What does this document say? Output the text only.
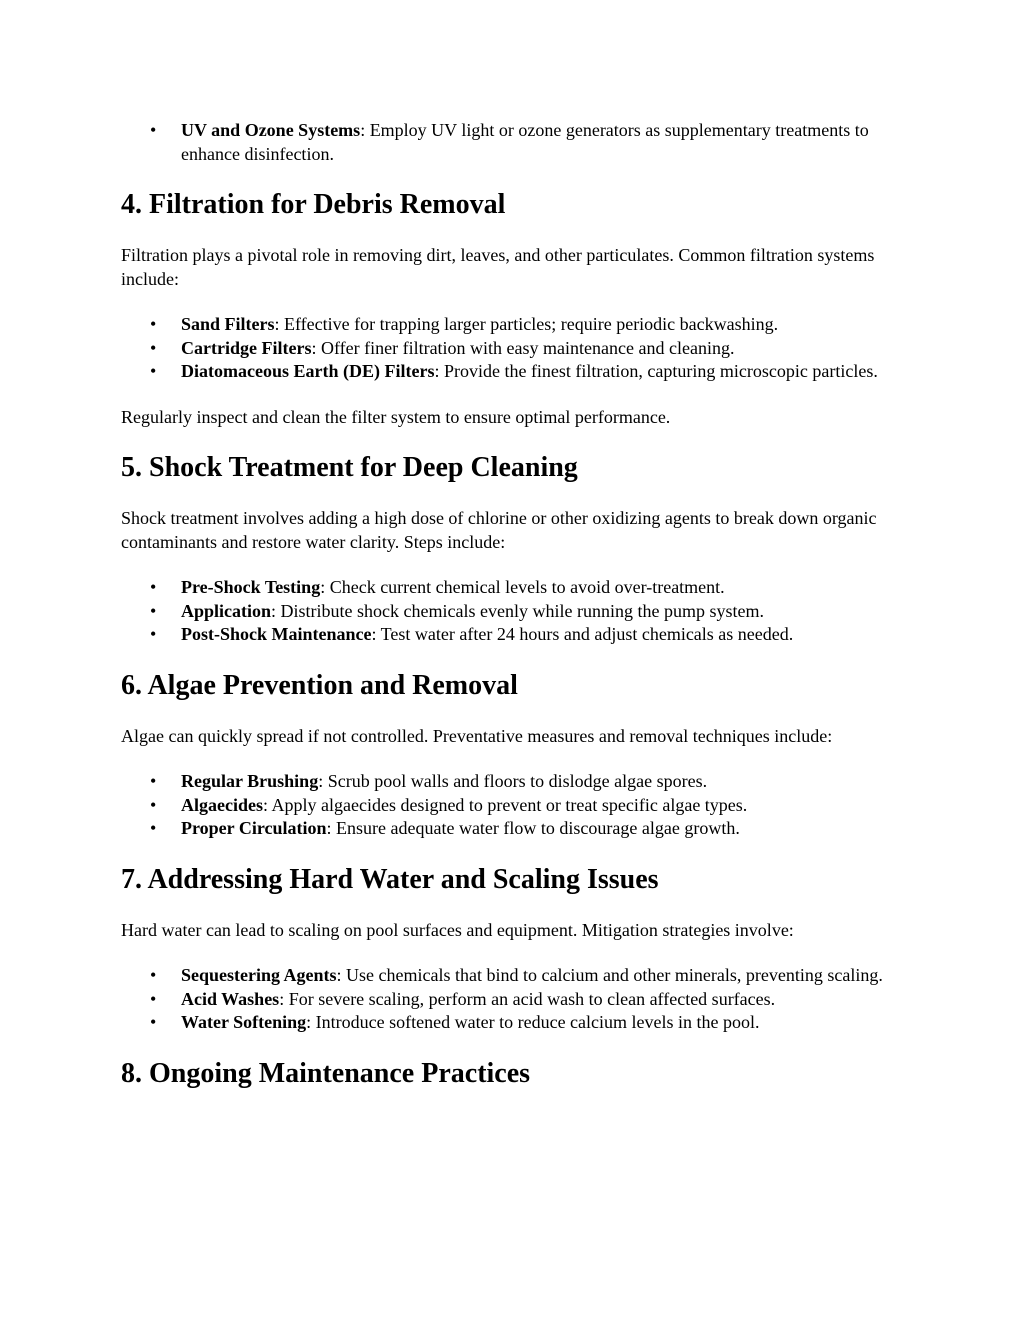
• UV and Ozone Systems: Employ UV light or ozone generators as supplementary treatments to enhance disinfection.
4. Filtration for Debris Removal

Filtration plays a pivotal role in removing dirt, leaves, and other particulates. Common filtration systems include:

• Sand Filters: Effective for trapping larger particles; require periodic backwashing.
• Cartridge Filters: Offer finer filtration with easy maintenance and cleaning.
• Diatomaceous Earth (DE) Filters: Provide the finest filtration, capturing microscopic particles.

Regularly inspect and clean the filter system to ensure optimal performance.

5. Shock Treatment for Deep Cleaning

Shock treatment involves adding a high dose of chlorine or other oxidizing agents to break down organic contaminants and restore water clarity. Steps include:

• Pre-Shock Testing: Check current chemical levels to avoid over-treatment.
• Application: Distribute shock chemicals evenly while running the pump system.
• Post-Shock Maintenance: Test water after 24 hours and adjust chemicals as needed.
6. Algae Prevention and Removal

Algae can quickly spread if not controlled. Preventative measures and removal techniques include:

• Regular Brushing: Scrub pool walls and floors to dislodge algae spores.
• Algaecides: Apply algaecides designed to prevent or treat specific algae types.
• Proper Circulation: Ensure adequate water flow to discourage algae growth.
7. Addressing Hard Water and Scaling Issues

Hard water can lead to scaling on pool surfaces and equipment. Mitigation strategies involve:

• Sequestering Agents: Use chemicals that bind to calcium and other minerals, preventing scaling.
• Acid Washes: For severe scaling, perform an acid wash to clean affected surfaces.
• Water Softening: Introduce softened water to reduce calcium levels in the pool.
8. Ongoing Maintenance Practices
